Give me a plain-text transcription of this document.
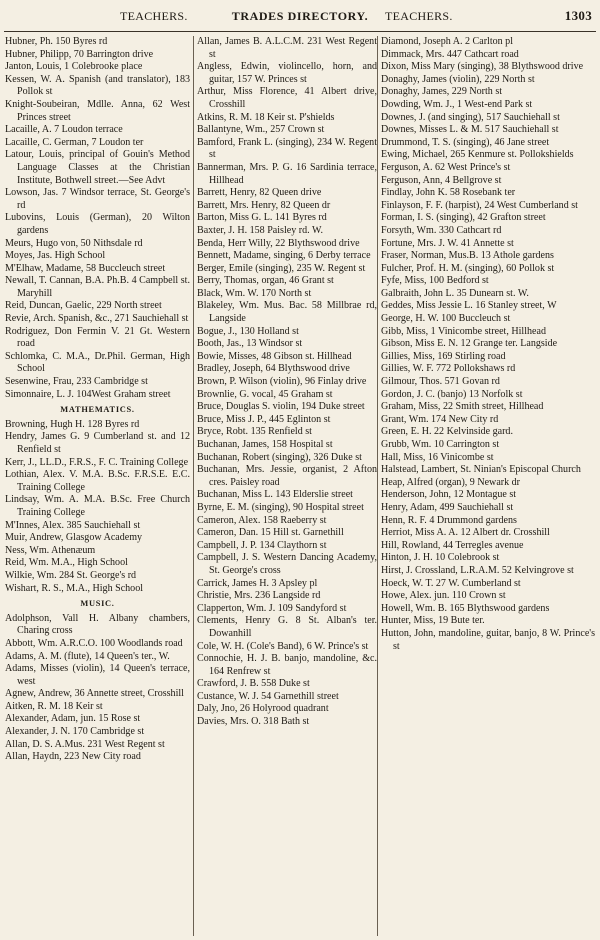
TEACHERS.	TRADES DIRECTORY.	TEACHERS.	1303
Hubner, Ph. 150 Byres rd
Hubner, Philipp, 70 Barrington drive
Janton, Louis, 1 Colebrooke place
Kessen, W. A. Spanish (and translator), 183 Pollok st
Knight-Soubeiran, Mdlle. Anna, 62 West Princes street
Lacaille, A. 7 Loudon terrace
Lacaille, C. German, 7 Loudon ter
Latour, Louis, principal of Gouin's Method Language Classes at the Christian Institute, Bothwell street.—See Advt
Lowson, Jas. 7 Windsor terrace, St. George's rd
Lubovins, Louis (German), 20 Wilton gardens
Meurs, Hugo von, 50 Nithsdale rd
Moyes, Jas. High School
M'Elhaw, Madame, 58 Buccleuch street
Newall, T. Cannan, B.A. Ph.B. 4 Campbell st. Maryhill
Reid, Duncan, Gaelic, 229 North street
Revie, Arch. Spanish, &c., 271 Sauchiehall st
Rodriguez, Don Fermin V. 21 Gt. Western road
Schlomka, C. M.A., Dr.Phil. German, High School
Sesenwine, Frau, 233 Cambridge st
Simonnaire, L. J. 104West Graham street
MATHEMATICS.
Browning, Hugh H. 128 Byres rd
Hendry, James G. 9 Cumberland st. and 12 Renfield st
Kerr, J., LL.D., F.R.S., F. C. Training College
Lothian, Alex. V. M.A. B.Sc. F.R.S.E. E.C. Training College
Lindsay, Wm. A. M.A. B.Sc. Free Church Training College
M'Innes, Alex. 385 Sauchiehall st
Muir, Andrew, Glasgow Academy
Ness, Wm. Athenæum
Reid, Wm. M.A., High School
Wilkie, Wm. 284 St. George's rd
Wishart, R. S., M.A., High School
MUSIC.
Adolphson, Vall H. Albany chambers, Charing cross
Abbott, Wm. A.R.C.O. 100 Woodlands road
Adams, A. M. (flute), 14 Queen's ter., W.
Adams, Misses (violin), 14 Queen's terrace, west
Agnew, Andrew, 36 Annette street, Crosshill
Aitken, R. M. 18 Keir st
Alexander, Adam, jun. 15 Rose st
Alexander, J. N. 170 Cambridge st
Allan, D. S. A.Mus. 231 West Regent st
Allan, Haydn, 223 New City road
Allan, James B. A.L.C.M. 231 West Regent st
Angless, Edwin, violincello, horn, and guitar, 157 W. Princes st
Arthur, Miss Florence, 41 Albert drive, Crosshill
Atkins, R. M. 18 Keir st. P'shields
Ballantyne, Wm., 257 Crown st
Bamford, Frank L. (singing), 234 W. Regent st
Bannerman, Mrs. P. G. 16 Sardinia terrace, Hillhead
Barrett, Henry, 82 Queen drive
Barrett, Mrs. Henry, 82 Queen dr
Barton, Miss G. L. 141 Byres rd
Baxter, J. H. 158 Paisley rd. W.
Benda, Herr Willy, 22 Blythswood drive
Bennett, Madame, singing, 6 Derby terrace
Berger, Emile (singing), 235 W. Regent st
Berry, Thomas, organ, 46 Grant st
Black, Wm. W. 170 North st
Blakeley, Wm. Mus. Bac. 58 Millbrae rd, Langside
Bogue, J., 130 Holland st
Booth, Jas., 13 Windsor st
Bowie, Misses, 48 Gibson st. Hillhead
Bradley, Joseph, 64 Blythswood drive
Brown, P. Wilson (violin), 96 Finlay drive
Brownlie, G. vocal, 45 Graham st
Bruce, Douglas S. violin, 194 Duke street
Bruce, Miss J. P., 445 Eglinton st
Bryce, Robt. 135 Renfield st
Buchanan, James, 158 Hospital st
Buchanan, Robert (singing), 326 Duke st
Buchanan, Mrs. Jessie, organist, 2 Afton cres. Paisley road
Buchanan, Miss L. 143 Elderslie street
Byrne, E. M. (singing), 90 Hospital street
Cameron, Alex. 158 Raeberry st
Cameron, Dan. 15 Hill st. Garnethill
Campbell, J. P. 134 Claythorn st
Campbell, J. S. Western Dancing Academy, St. George's cross
Carrick, James H. 3 Apsley pl
Christie, Mrs. 236 Langside rd
Clapperton, Wm. J. 109 Sandyford st
Clements, Henry G. 8 St. Alban's ter. Dowanhill
Cole, W. H. (Cole's Band), 6 W. Prince's st
Connochie, H. J. B. banjo, mandoline, &c. 164 Renfrew st
Crawford, J. B. 558 Duke st
Custance, W. J. 54 Garnethill street
Daly, Jno, 26 Holyrood quadrant
Davies, Mrs. O. 318 Bath st
Diamond, Joseph A. 2 Carlton pl
Dimmack, Mrs. 447 Cathcart road
Dixon, Miss Mary (singing), 38 Blythswood drive
Donaghy, James (violin), 229 North st
Donaghy, James, 229 North st
Dowding, Wm. J., 1 West-end Park st
Downes, J. (and singing), 517 Sauchiehall st
Downes, Misses L. & M. 517 Sauchiehall st
Drummond, T. S. (singing), 46 Jane street
Ewing, Michael, 265 Kenmure st. Pollokshields
Ferguson, A. 62 West Prince's st
Ferguson, Ann, 4 Bellgrove st
Findlay, John K. 58 Rosebank ter
Finlayson, F. F. (harpist), 24 West Cumberland st
Forman, I. S. (singing), 42 Grafton street
Forsyth, Wm. 330 Cathcart rd
Fortune, Mrs. J. W. 41 Annette st
Fraser, Norman, Mus.B. 13 Athole gardens
Fulcher, Prof. H. M. (singing), 60 Pollok st
Fyfe, Miss, 100 Bedford st
Galbraith, John L. 35 Dunearn st. W.
Geddes, Miss Jessie L. 16 Stanley street, W
George, H. W. 100 Buccleuch st
Gibb, Miss, 1 Vinicombe street, Hillhead
Gibson, Miss E. N. 12 Grange ter. Langside
Gillies, Miss, 169 Stirling road
Gillies, W. F. 772 Pollokshaws rd
Gilmour, Thos. 571 Govan rd
Gordon, J. C. (banjo) 13 Norfolk st
Graham, Miss, 22 Smith street, Hillhead
Grant, Wm. 174 New City rd
Green, E. H. 22 Kelvinside gard.
Grubb, Wm. 10 Carrington st
Hall, Miss, 16 Vinicombe st
Halstead, Lambert, St. Ninian's Episcopal Church
Heap, Alfred (organ), 9 Newark dr
Henderson, John, 12 Montague st
Henry, Adam, 499 Sauchiehall st
Henn, R. F. 4 Drummond gardens
Herriot, Miss A. A. 12 Albert dr. Crosshill
Hill, Rowland, 44 Terregles avenue
Hinton, J. H. 10 Colebrook st
Hirst, J. Crossland, L.R.A.M. 52 Kelvingrove st
Hoeck, W. T. 27 W. Cumberland st
Howe, Alex. jun. 110 Crown st
Howell, Wm. B. 165 Blythswood gardens
Hunter, Miss, 19 Bute ter.
Hutton, John, mandoline, guitar, banjo, 8 W. Prince's st
